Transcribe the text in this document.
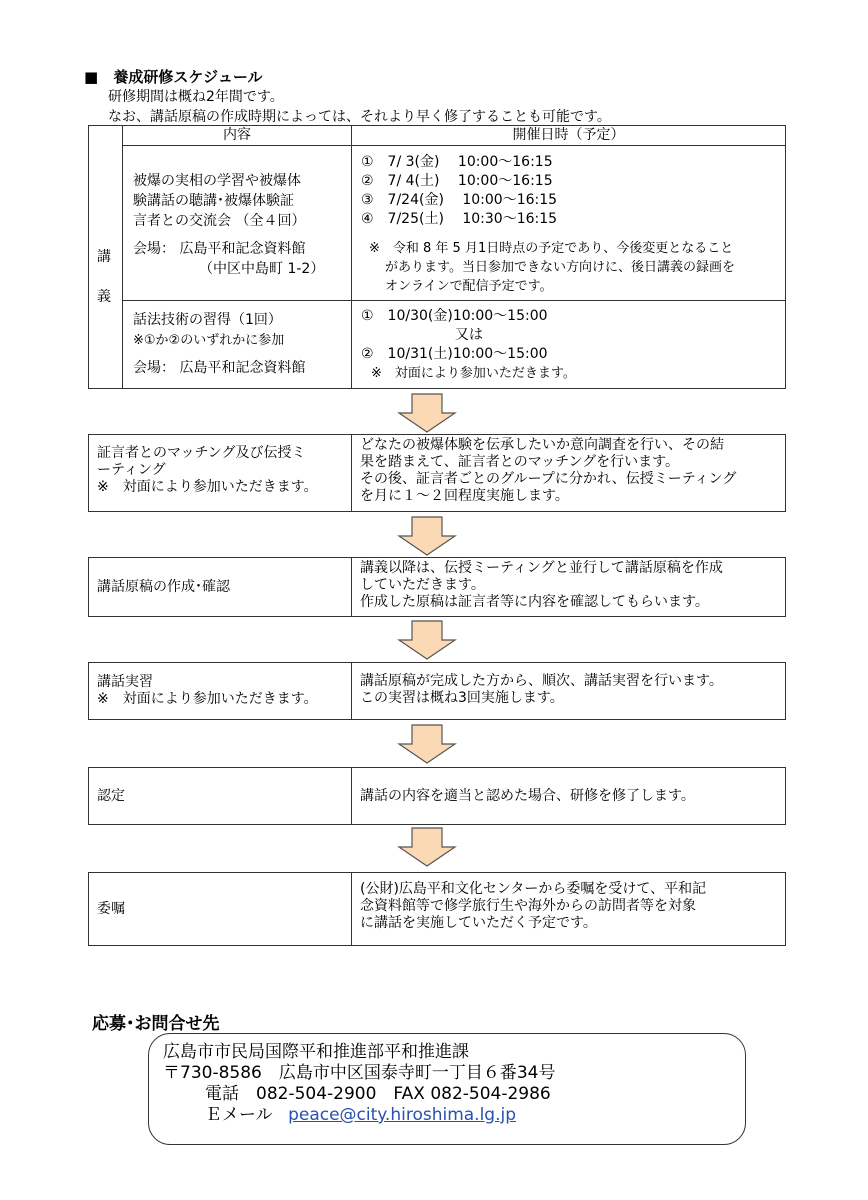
■ 養成研修スケジュール
研修期間は概ね2年間です。
なお、講話原稿の作成時期によっては、それより早く修了することも可能です。
内容	開催日時（予定）
講
義
被爆の実相の学習や被爆体
験講話の聴講･被爆体験証
言者との交流会 （全４回）
会場： 広島平和記念資料館
（中区中島町 1-2）
①　7/ 3(金)　 10:00～16:15
②　7/ 4(土)　 10:00～16:15
③　7/24(金)　 10:00～16:15
④　7/25(土)　 10:30～16:15
※　令和 8 年 5 月1日時点の予定であり、今後変更となること
があります。当日参加できない方向けに、後日講義の録画を
オンラインで配信予定です。
話法技術の習得（1回）
※①か②のいずれかに参加
会場： 広島平和記念資料館
①　10/30(金)10:00～15:00
又は
②　10/31(土)10:00～15:00
※　対面により参加いただきます。
証言者とのマッチング及び伝授ミ
ーティング
※　対面により参加いただきます。
どなたの被爆体験を伝承したいか意向調査を行い、その結
果を踏まえて、証言者とのマッチングを行います。
その後、証言者ごとのグループに分かれ、伝授ミーティング
を月に１～２回程度実施します。
講話原稿の作成･確認
講義以降は、伝授ミーティングと並行して講話原稿を作成
していただきます。
作成した原稿は証言者等に内容を確認してもらいます。
講話実習
※　対面により参加いただきます。
講話原稿が完成した方から、順次、講話実習を行います。
この実習は概ね3回実施します。
認定	講話の内容を適当と認めた場合、研修を修了します。
委嘱
(公財)広島平和文化センターから委嘱を受けて、平和記
念資料館等で修学旅行生や海外からの訪問者等を対象
に講話を実施していただく予定です。
応募･お問合せ先
広島市市民局国際平和推進部平和推進課
〒730-8586　広島市中区国泰寺町一丁目６番34号
電話　082-504-2900　FAX 082-504-2986
Ｅメール peace@city.hiroshima.lg.jp
